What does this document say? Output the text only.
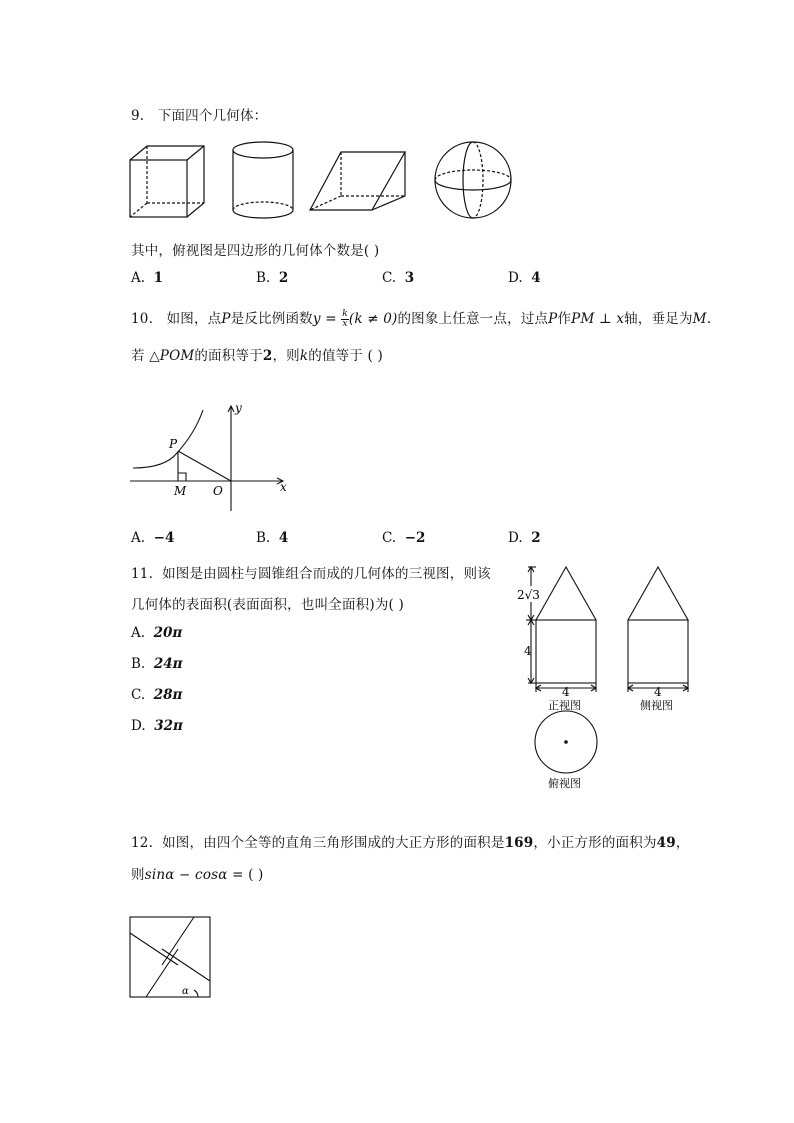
9. 下面四个几何体：
其中，俯视图是四边形的几何体个数是( )
A. 1	B. 2	C. 3	D. 4
10. 如图，点P是反比例函数$y = \frac{k}{x} (k \ne 0)$的图象上任意一点，过点P作PM ⊥ x轴，垂足为M.
若 △POM的面积等于2，则k的值等于 ( )
y
x
P
M O
A. −4	B. 4	C. −2	D. 2
11. 如图是由圆柱与圆锥组合而成的几何体的三视图，则该
几何体的表面积(表面面积，也叫全面积)为( )
A. 20π
B. 24π
C. 28π
D. 32π
2√3
4
4	4
正视图	侧视图
俯视图
12. 如图，由四个全等的直角三角形围成的大正方形的面积是169，小正方形的面积为49，
则sinα − cosα = ( )
α
